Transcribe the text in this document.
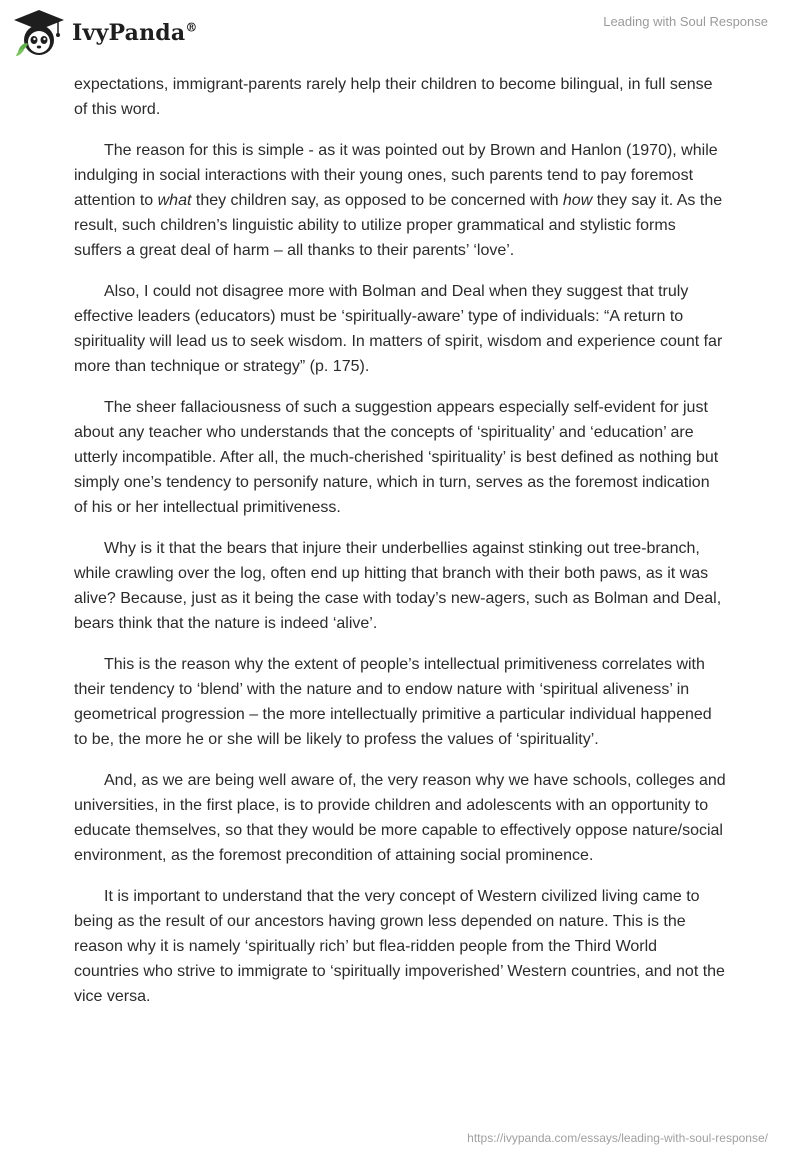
IvyPanda®	Leading with Soul Response

expectations, immigrant-parents rarely help their children to become bilingual, in full sense of this word.

The reason for this is simple - as it was pointed out by Brown and Hanlon (1970), while indulging in social interactions with their young ones, such parents tend to pay foremost attention to what they children say, as opposed to be concerned with how they say it. As the result, such children’s linguistic ability to utilize proper grammatical and stylistic forms suffers a great deal of harm – all thanks to their parents’ ‘love’.

Also, I could not disagree more with Bolman and Deal when they suggest that truly effective leaders (educators) must be ‘spiritually-aware’ type of individuals: “A return to spirituality will lead us to seek wisdom. In matters of spirit, wisdom and experience count far more than technique or strategy” (p. 175).

The sheer fallaciousness of such a suggestion appears especially self-evident for just about any teacher who understands that the concepts of ‘spirituality’ and ‘education’ are utterly incompatible. After all, the much-cherished ‘spirituality’ is best defined as nothing but simply one’s tendency to personify nature, which in turn, serves as the foremost indication of his or her intellectual primitiveness.

Why is it that the bears that injure their underbellies against stinking out tree-branch, while crawling over the log, often end up hitting that branch with their both paws, as it was alive? Because, just as it being the case with today’s new-agers, such as Bolman and Deal, bears think that the nature is indeed ‘alive’.

This is the reason why the extent of people’s intellectual primitiveness correlates with their tendency to ‘blend’ with the nature and to endow nature with ‘spiritual aliveness’ in geometrical progression – the more intellectually primitive a particular individual happened to be, the more he or she will be likely to profess the values of ‘spirituality’.

And, as we are being well aware of, the very reason why we have schools, colleges and universities, in the first place, is to provide children and adolescents with an opportunity to educate themselves, so that they would be more capable to effectively oppose nature/social environment, as the foremost precondition of attaining social prominence.

It is important to understand that the very concept of Western civilized living came to being as the result of our ancestors having grown less depended on nature. This is the reason why it is namely ‘spiritually rich’ but flea-ridden people from the Third World countries who strive to immigrate to ‘spiritually impoverished’ Western countries, and not the vice versa.

https://ivypanda.com/essays/leading-with-soul-response/
